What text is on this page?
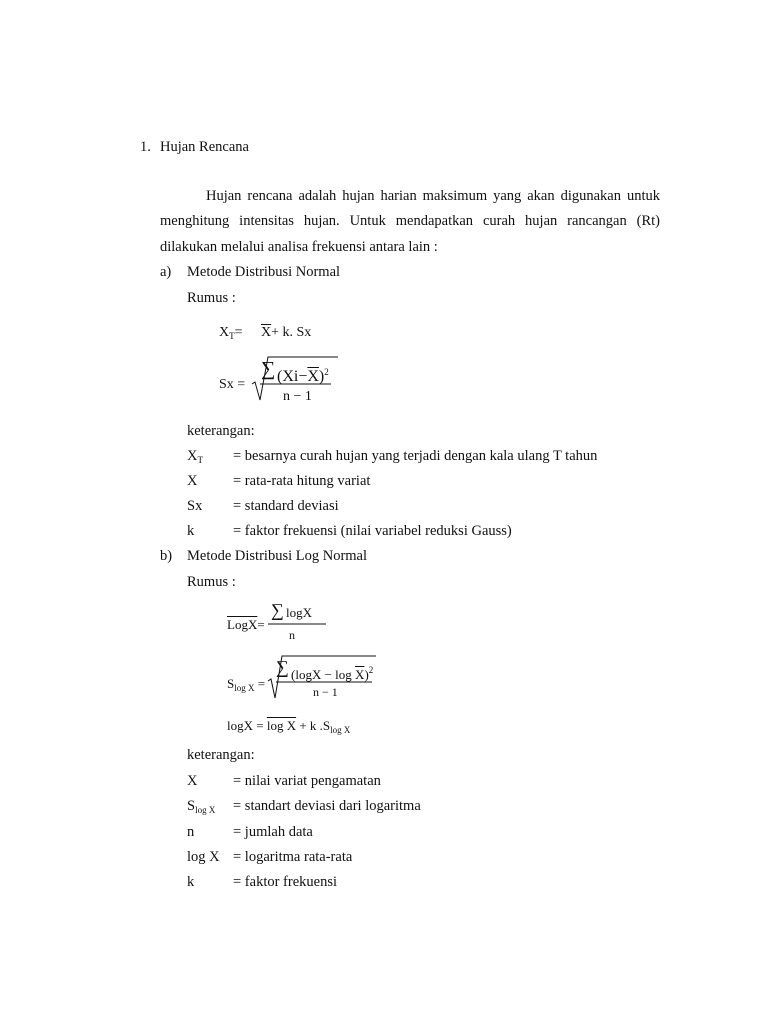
1. Hujan Rencana
Hujan rencana adalah hujan harian maksimum yang akan digunakan untuk menghitung intensitas hujan. Untuk mendapatkan curah hujan rancangan (Rt) dilakukan melalui analisa frekuensi antara lain :
a) Metode Distribusi Normal
Rumus :
$X_T= \overline{X}+ k$. Sx
Sx =
∑ $(Xi-\overline{X})^2$
n − 1
keterangan:
$X_T$ = besarnya curah hujan yang terjadi dengan kala ulang T tahun
X = rata-rata hitung variat
Sx = standard deviasi
k	= faktor frekuensi (nilai variabel reduksi Gauss)
b) Metode Distribusi Log Normal
Rumus :
LogX=
∑ logX
n
$S_{log X}$ =
∑ $(\log X - \log \overline{X})^2$
n − 1
logX = log X + k $.S_{log X}$
keterangan:
X = nilai variat pengamatan
$S_{log X}$ = standart deviasi dari logaritma
n	= jumlah data
log X = logaritma rata-rata
k	= faktor frekuensi
